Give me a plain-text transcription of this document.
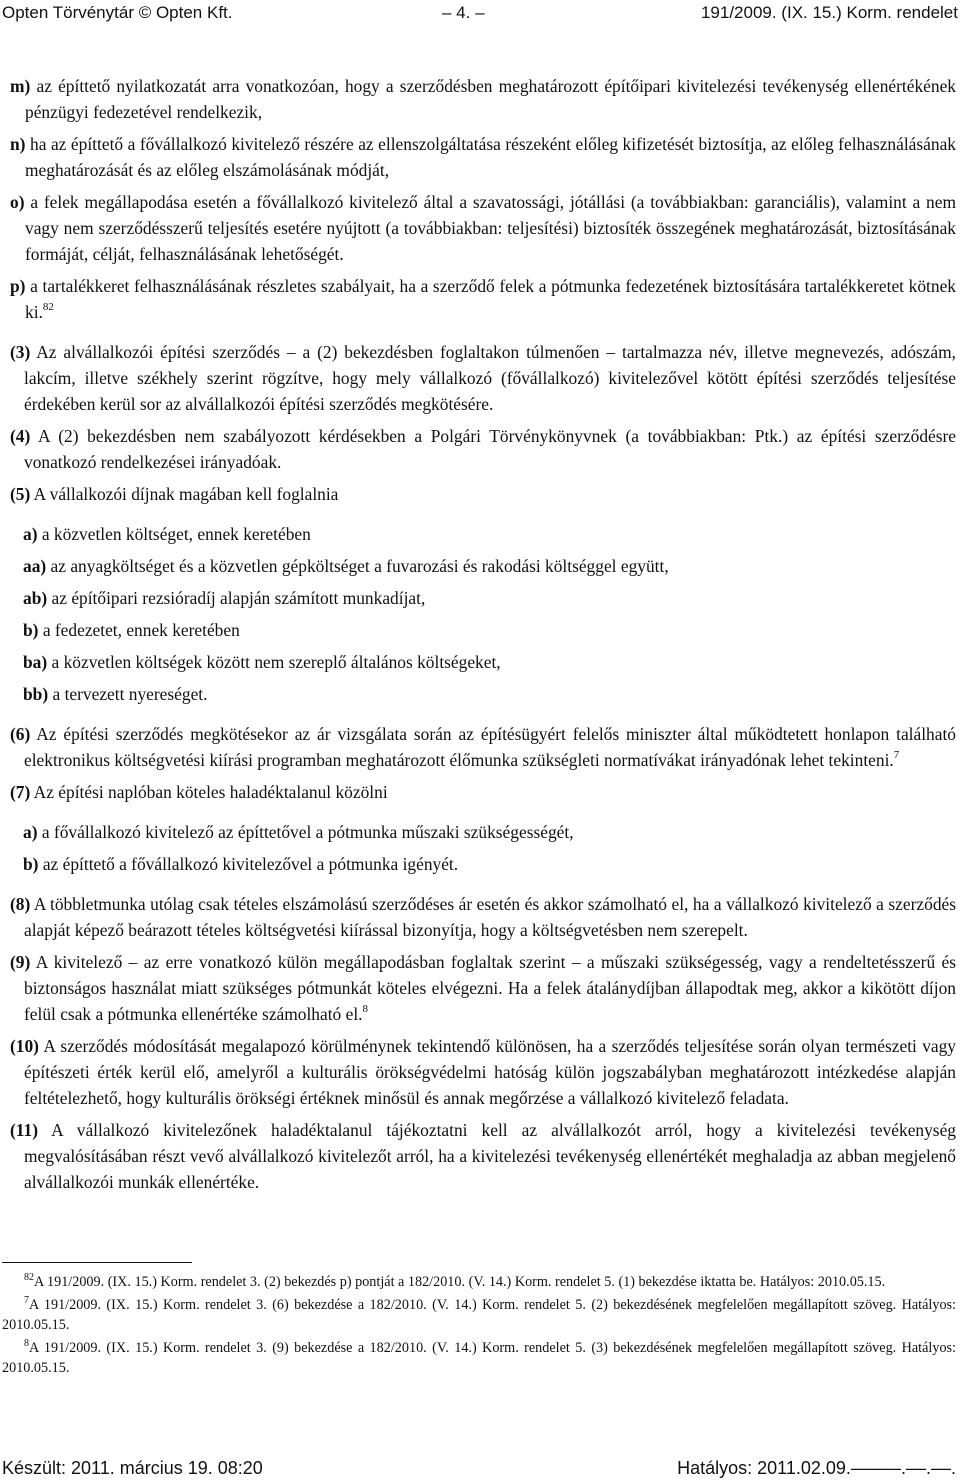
Opten Törvénytár © Opten Kft.	– 4. –	191/2009. (IX. 15.) Korm. rendelet
m) az építtető nyilatkozatát arra vonatkozóan, hogy a szerződésben meghatározott építőipari kivitelezési tevékenység ellenértékének pénzügyi fedezetével rendelkezik,
n) ha az építtető a fővállalkozó kivitelező részére az ellenszolgáltatása részeként előleg kifizetését biztosítja, az előleg felhasználásának meghatározását és az előleg elszámolásának módját,
o) a felek megállapodása esetén a fővállalkozó kivitelező által a szavatossági, jótállási (a továbbiakban: garanciális), valamint a nem vagy nem szerződésszerű teljesítés esetére nyújtott (a továbbiakban: teljesítési) biztosíték összegének meghatározását, biztosításának formáját, célját, felhasználásának lehetőségét.
p) a tartalékkeret felhasználásának részletes szabályait, ha a szerződő felek a pótmunka fedezetének biztosítására tartalékkeretet kötnek ki.$^{82}$
(3) Az alvállalkozói építési szerződés – a (2) bekezdésben foglaltakon túlmenően – tartalmazza név, illetve megnevezés, adószám, lakcím, illetve székhely szerint rögzítve, hogy mely vállalkozó (fővállalkozó) kivitelezővel kötött építési szerződés teljesítése érdekében kerül sor az alvállalkozói építési szerződés megkötésére.
(4) A (2) bekezdésben nem szabályozott kérdésekben a Polgári Törvénykönyvnek (a továbbiakban: Ptk.) az építési szerződésre vonatkozó rendelkezései irányadóak.
(5) A vállalkozói díjnak magában kell foglalnia
a) a közvetlen költséget, ennek keretében
aa) az anyagköltséget és a közvetlen gépköltséget a fuvarozási és rakodási költséggel együtt,
ab) az építőipari rezsióradíj alapján számított munkadíjat,
b) a fedezetet, ennek keretében
ba) a közvetlen költségek között nem szereplő általános költségeket,
bb) a tervezett nyereséget.
(6) Az építési szerződés megkötésekor az ár vizsgálata során az építésügyért felelős miniszter által működtetett honlapon található elektronikus költségvetési kiírási programban meghatározott élőmunka szükségleti normatívákat irányadónak lehet tekinteni.$^7$
(7) Az építési naplóban köteles haladéktalanul közölni
a) a fővállalkozó kivitelező az építtetővel a pótmunka műszaki szükségességét,
b) az építtető a fővállalkozó kivitelezővel a pótmunka igényét.
(8) A többletmunka utólag csak tételes elszámolású szerződéses ár esetén és akkor számolható el, ha a vállalkozó kivitelező a szerződés alapját képező beárazott tételes költségvetési kiírással bizonyítja, hogy a költségvetésben nem szerepelt.
(9) A kivitelező – az erre vonatkozó külön megállapodásban foglaltak szerint – a műszaki szükségesség, vagy a rendeltetésszerű és biztonságos használat miatt szükséges pótmunkát köteles elvégezni. Ha a felek átalánydíjban állapodtak meg, akkor a kikötött díjon felül csak a pótmunka ellenértéke számolható el.$^8$
(10) A szerződés módosítását megalapozó körülménynek tekintendő különösen, ha a szerződés teljesítése során olyan természeti vagy építészeti érték kerül elő, amelyről a kulturális örökségvédelmi hatóság külön jogszabályban meghatározott intézkedése alapján feltételezhető, hogy kulturális örökségi értéknek minősül és annak megőrzése a vállalkozó kivitelező feladata.
(11) A vállalkozó kivitelezőnek haladéktalanul tájékoztatni kell az alvállalkozót arról, hogy a kivitelezési tevékenység megvalósításában részt vevő alvállalkozó kivitelezőt arról, ha a kivitelezési tevékenység ellenértékét meghaladja az abban megjelenő alvállalkozói munkák ellenértéke.
$^{82}$A 191/2009. (IX. 15.) Korm. rendelet 3. (2) bekezdés p) pontját a 182/2010. (V. 14.) Korm. rendelet 5. (1) bekezdése iktatta be. Hatályos: 2010.05.15.
$^7$A 191/2009. (IX. 15.) Korm. rendelet 3. (6) bekezdése a 182/2010. (V. 14.) Korm. rendelet 5. (2) bekezdésének megfelelően megállapított szöveg. Hatályos: 2010.05.15.
$^8$A 191/2009. (IX. 15.) Korm. rendelet 3. (9) bekezdése a 182/2010. (V. 14.) Korm. rendelet 5. (3) bekezdésének megfelelően megállapított szöveg. Hatályos: 2010.05.15.
Készült: 2011. március 19. 08:20	Hatályos: 2011.02.09.–––––.––.––.
